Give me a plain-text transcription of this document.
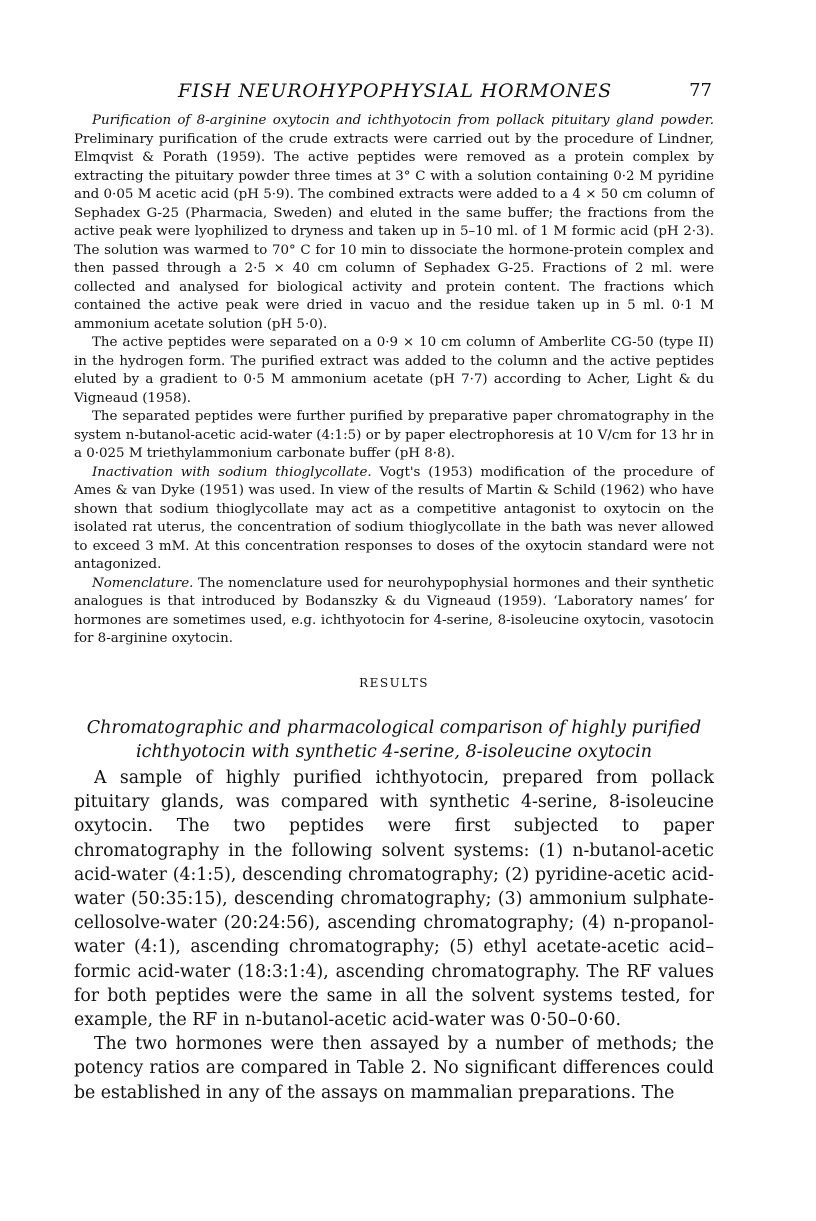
FISH NEUROHYPOPHYSIAL HORMONES	77

Purification of 8-arginine oxytocin and ichthyotocin from pollack pituitary gland powder. Preliminary purification of the crude extracts were carried out by the procedure of Lindner, Elmqvist & Porath (1959). The active peptides were removed as a protein complex by extracting the pituitary powder three times at 3° C with a solution containing 0·2 M pyridine and 0·05 M acetic acid (pH 5·9). The combined extracts were added to a 4 × 50 cm column of Sephadex G-25 (Pharmacia, Sweden) and eluted in the same buffer; the fractions from the active peak were lyophilized to dryness and taken up in 5–10 ml. of 1 M formic acid (pH 2·3). The solution was warmed to 70° C for 10 min to dissociate the hormone-protein complex and then passed through a 2·5 × 40 cm column of Sephadex G-25. Fractions of 2 ml. were collected and analysed for biological activity and protein content. The fractions which contained the active peak were dried in vacuo and the residue taken up in 5 ml. 0·1 M ammonium acetate solution (pH 5·0).

The active peptides were separated on a 0·9 × 10 cm column of Amberlite CG-50 (type II) in the hydrogen form. The purified extract was added to the column and the active peptides eluted by a gradient to 0·5 M ammonium acetate (pH 7·7) according to Acher, Light & du Vigneaud (1958).

The separated peptides were further purified by preparative paper chromatography in the system n-butanol-acetic acid-water (4:1:5) or by paper electrophoresis at 10 V/cm for 13 hr in a 0·025 M triethylammonium carbonate buffer (pH 8·8).

Inactivation with sodium thioglycollate. Vogt's (1953) modification of the procedure of Ames & van Dyke (1951) was used. In view of the results of Martin & Schild (1962) who have shown that sodium thioglycollate may act as a competitive antagonist to oxytocin on the isolated rat uterus, the concentration of sodium thioglycollate in the bath was never allowed to exceed 3 mM. At this concentration responses to doses of the oxytocin standard were not antagonized.

Nomenclature. The nomenclature used for neurohypophysial hormones and their synthetic analogues is that introduced by Bodanszky & du Vigneaud (1959). ‘Laboratory names’ for hormones are sometimes used, e.g. ichthyotocin for 4-serine, 8-isoleucine oxytocin, vasotocin for 8-arginine oxytocin.

RESULTS
Chromatographic and pharmacological comparison of highly purified
ichthyotocin with synthetic 4-serine, 8-isoleucine oxytocin

A sample of highly purified ichthyotocin, prepared from pollack pituitary glands, was compared with synthetic 4-serine, 8-isoleucine oxytocin. The two peptides were first subjected to paper chromatography in the following solvent systems: (1) n-butanol-acetic acid-water (4:1:5), descending chromatography; (2) pyridine-acetic acid-water (50:35:15), descending chromatography; (3) ammonium sulphate-cellosolve-water (20:24:56), ascending chromatography; (4) n-propanol-water (4:1), ascending chromatography; (5) ethyl acetate-acetic acid–formic acid-water (18:3:1:4), ascending chromatography. The RF values for both peptides were the same in all the solvent systems tested, for example, the RF in n-butanol-acetic acid-water was 0·50–0·60.

The two hormones were then assayed by a number of methods; the potency ratios are compared in Table 2. No significant differences could be established in any of the assays on mammalian preparations. The
